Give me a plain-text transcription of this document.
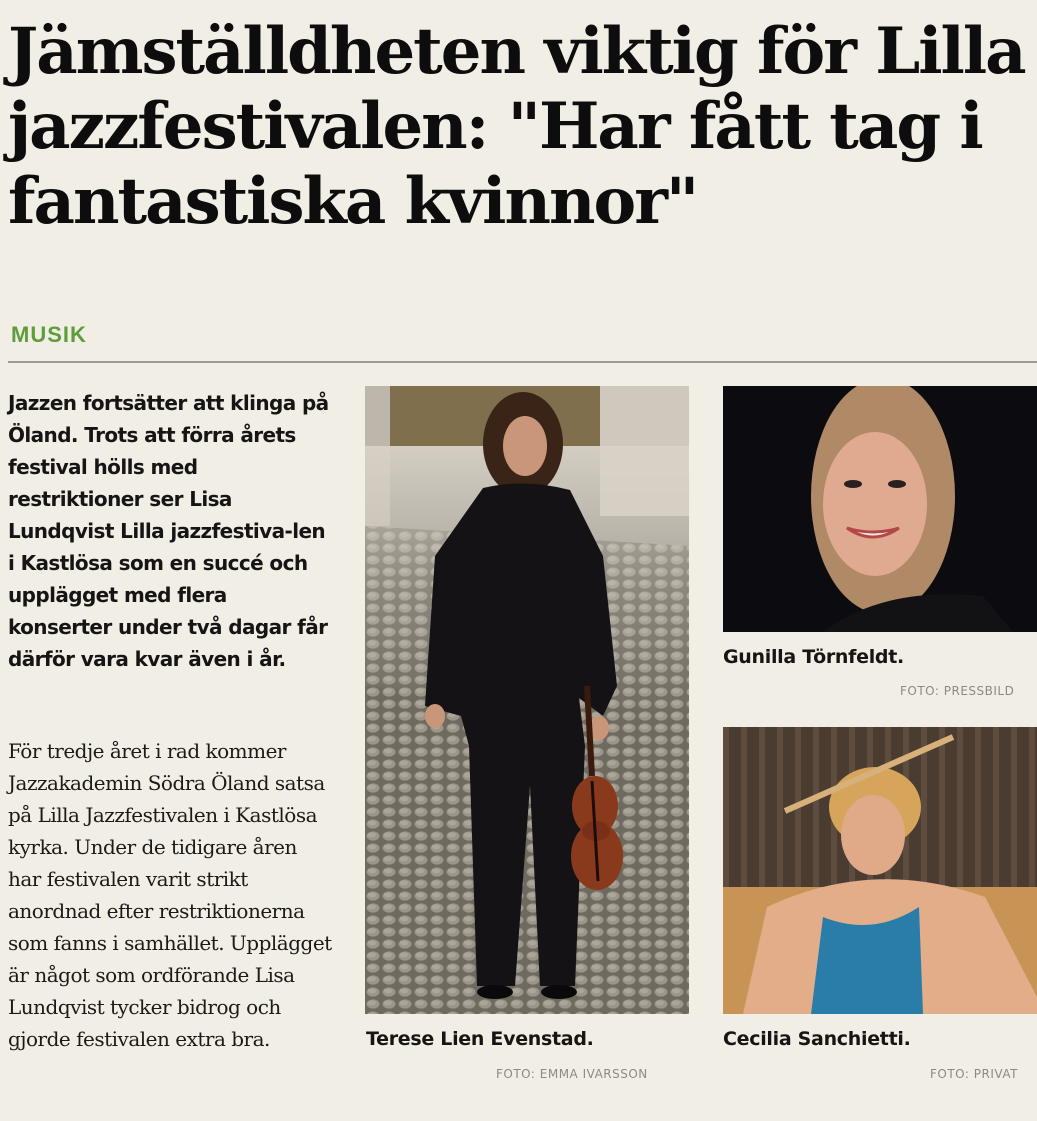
Jämställdheten viktig för Lilla jazzfestivalen: "Har fått tag i fantastiska kvinnor"
MUSIK

Jazzen fortsätter att klinga på Öland. Trots att förra årets festival hölls med restriktioner ser Lisa Lundqvist Lilla jazzfestiva-len i Kastlösa som en succé och upplägget med flera konserter under två dagar får därför vara kvar även i år.

För tredje året i rad kommer Jazzakademin Södra Öland satsa på Lilla Jazzfestivalen i Kastlösa kyrka. Under de tidigare åren har festivalen varit strikt anordnad efter restriktionerna som fanns i samhället. Upplägget är något som ordförande Lisa Lundqvist tycker bidrog och gjorde festivalen extra bra.	Terese Lien Evenstad.
FOTO: EMMA IVARSSON
Gunilla Törnfeldt.
FOTO: PRESSBILD
Cecilia Sanchietti.
FOTO: PRIVAT
